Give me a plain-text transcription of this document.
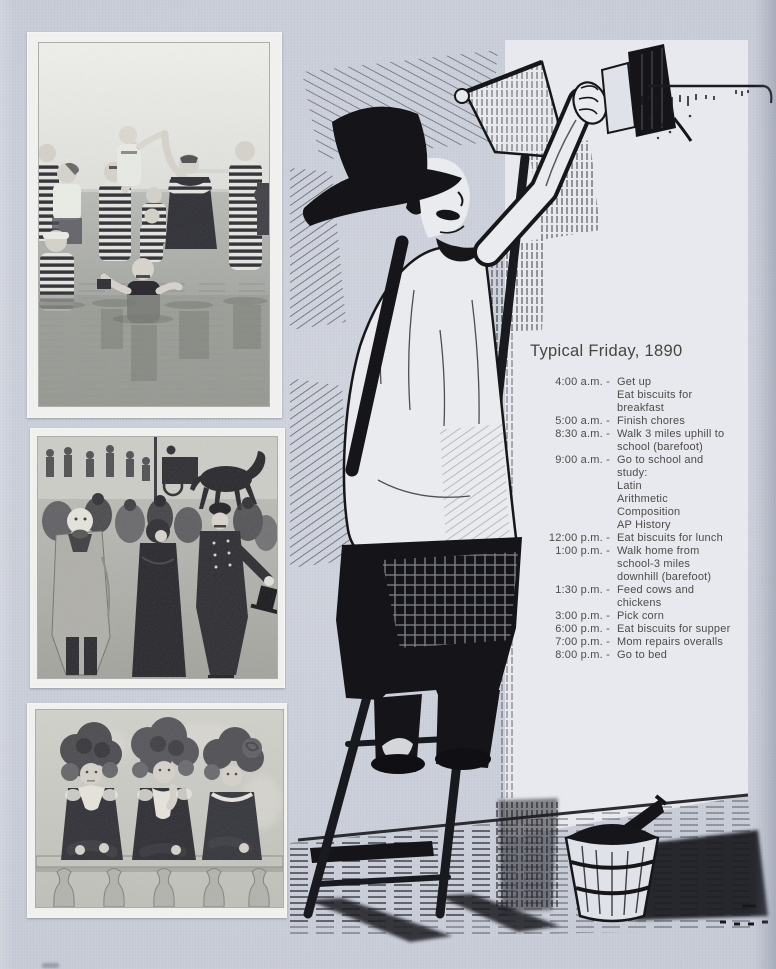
Typical Friday, 1890
4:00 a.m. - Get up
Eat biscuits for
breakfast
5:00 a.m. - Finish chores
8:30 a.m. - Walk 3 miles uphill to
school (barefoot)
9:00 a.m. - Go to school and
study:
Latin
Arithmetic
Composition
AP History
12:00 p.m. - Eat biscuits for lunch
1:00 p.m. - Walk home from
school-3 miles
downhill (barefoot)
1:30 p.m. - Feed cows and
chickens
3:00 p.m. - Pick corn
6:00 p.m. - Eat biscuits for supper
7:00 p.m. - Mom repairs overalls
8:00 p.m. - Go to bed
